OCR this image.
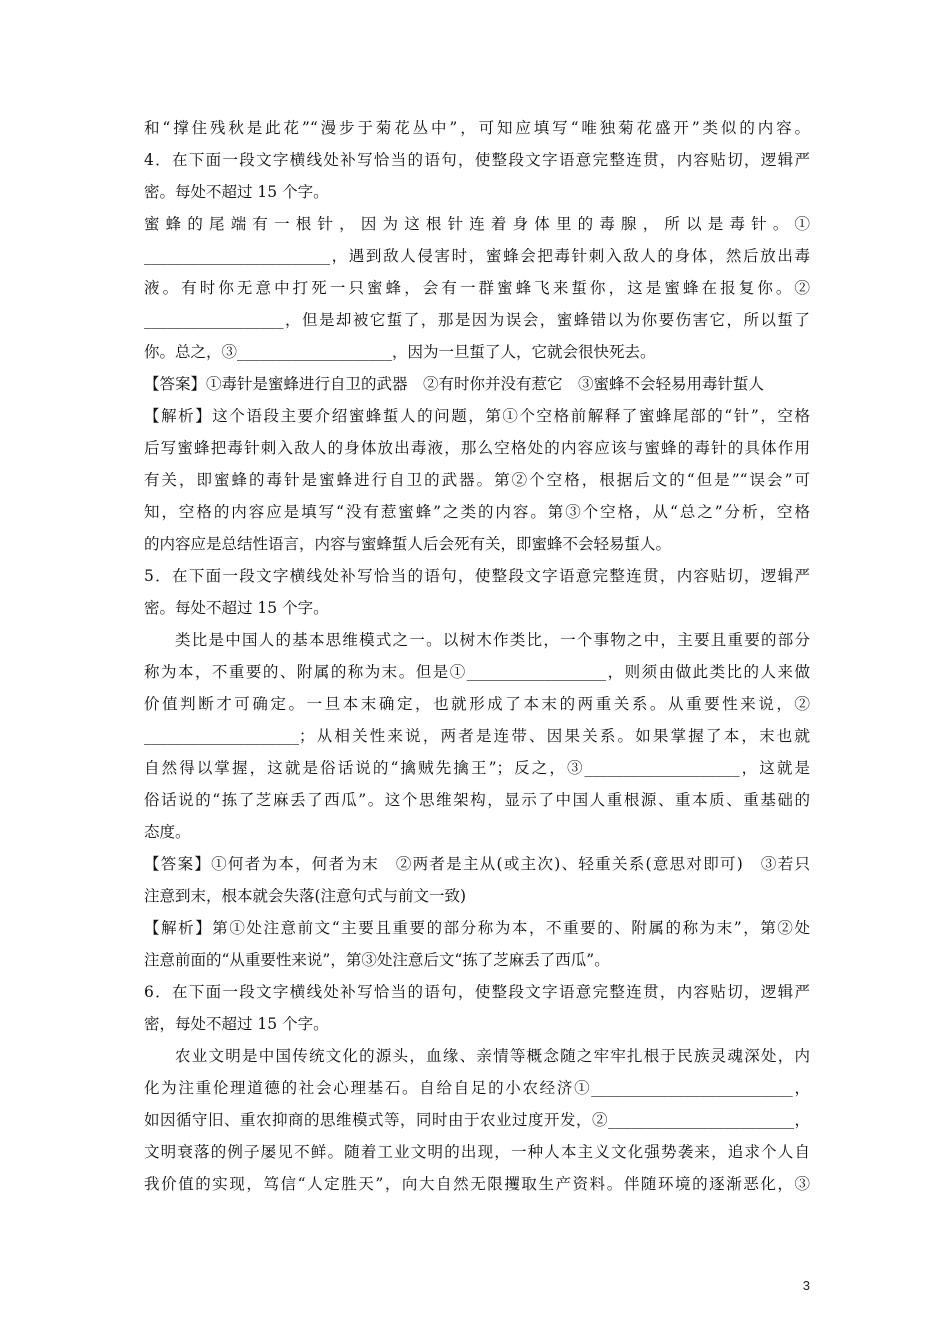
和“撑住残秋是此花”“漫步于菊花丛中”，可知应填写“唯独菊花盛开”类似的内容。
4．在下面一段文字横线处补写恰当的语句，使整段文字语意完整连贯，内容贴切，逻辑严
密。每处不超过 15 个字。
蜜 蜂 的 尾 端 有 一 根 针 ， 因 为 这 根 针 连 着 身 体 里 的 毒 腺 ， 所 以 是 毒 针 。 ①
________________________，遇到敌人侵害时，蜜蜂会把毒针刺入敌人的身体，然后放出毒
液。有时你无意中打死一只蜜蜂，会有一群蜜蜂飞来蜇你，这是蜜蜂在报复你。②
__________________，但是却被它蜇了，那是因为误会，蜜蜂错以为你要伤害它，所以蜇了
你。总之，③____________________，因为一旦蜇了人，它就会很快死去。
【答案】①毒针是蜜蜂进行自卫的武器　②有时你并没有惹它　③蜜蜂不会轻易用毒针蜇人
【解析】这个语段主要介绍蜜蜂蜇人的问题，第①个空格前解释了蜜蜂尾部的“针”，空格
后写蜜蜂把毒针刺入敌人的身体放出毒液，那么空格处的内容应该与蜜蜂的毒针的具体作用
有关，即蜜蜂的毒针是蜜蜂进行自卫的武器。第②个空格，根据后文的“但是”“误会”可
知，空格的内容应是填写“没有惹蜜蜂”之类的内容。第③个空格，从“总之”分析，空格
的内容应是总结性语言，内容与蜜蜂蜇人后会死有关，即蜜蜂不会轻易蜇人。
5．在下面一段文字横线处补写恰当的语句，使整段文字语意完整连贯，内容贴切，逻辑严
密。每处不超过 15 个字。
类比是中国人的基本思维模式之一。以树木作类比，一个事物之中，主要且重要的部分
称为本，不重要的、附属的称为末。但是①__________________，则须由做此类比的人来做
价值判断才可确定。一旦本末确定，也就形成了本末的两重关系。从重要性来说，②
____________________；从相关性来说，两者是连带、因果关系。如果掌握了本，末也就
自然得以掌握，这就是俗话说的“擒贼先擒王”；反之，③____________________，这就是
俗话说的“拣了芝麻丢了西瓜”。这个思维架构，显示了中国人重根源、重本质、重基础的
态度。
【答案】①何者为本，何者为末　②两者是主从(或主次)、轻重关系(意思对即可)　③若只
注意到末，根本就会失落(注意句式与前文一致)
【解析】第①处注意前文“主要且重要的部分称为本，不重要的、附属的称为末”，第②处
注意前面的“从重要性来说”，第③处注意后文“拣了芝麻丢了西瓜”。
6．在下面一段文字横线处补写恰当的语句，使整段文字语意完整连贯，内容贴切，逻辑严
密，每处不超过 15 个字。
农业文明是中国传统文化的源头，血缘、亲情等概念随之牢牢扎根于民族灵魂深处，内
化为注重伦理道德的社会心理基石。自给自足的小农经济①__________________________，
如因循守旧、重农抑商的思维模式等，同时由于农业过度开发，②________________________，
文明衰落的例子屡见不鲜。随着工业文明的出现，一种人本主义文化强势袭来，追求个人自
我价值的实现，笃信“人定胜天”，向大自然无限攫取生产资料。伴随环境的逐渐恶化，③
3
